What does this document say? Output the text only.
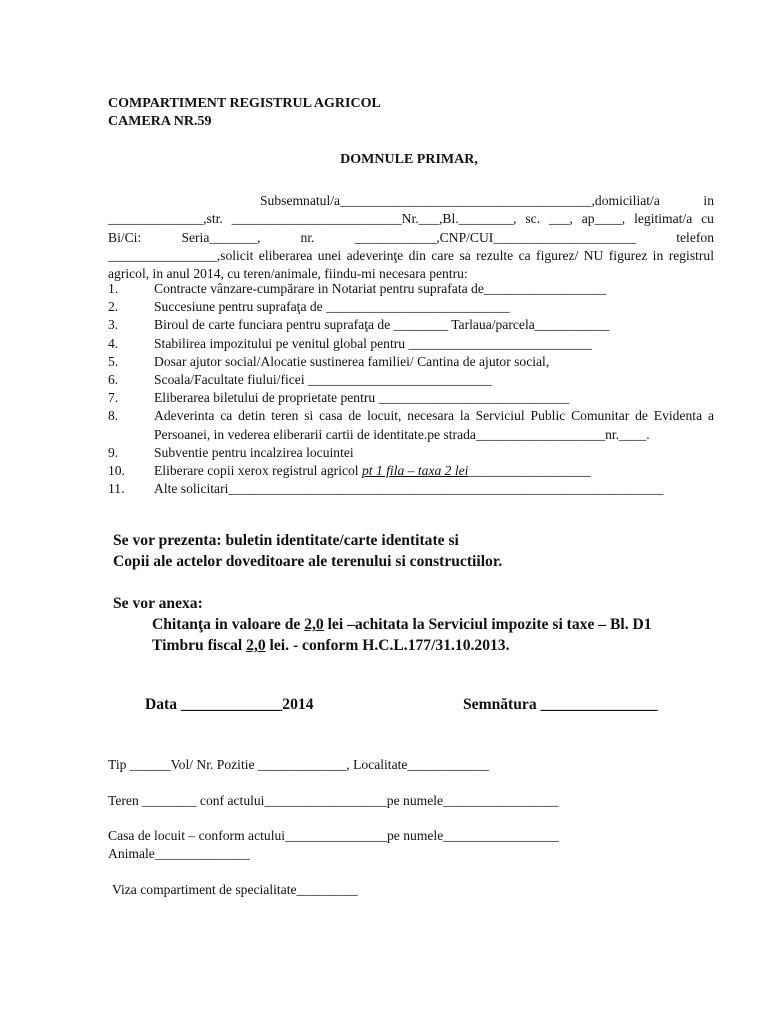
COMPARTIMENT REGISTRUL AGRICOL
CAMERA NR.59
DOMNULE PRIMAR,
Subsemnatul/a_____________________________________,domiciliat/a in ______________,str. _________________________Nr.___,Bl.________, sc. ___, ap____, legitimat/a cu Bi/Ci: Seria_______, nr. ____________,CNP/CUI_____________________ telefon ________________,solicit eliberarea unei adeverinţe din care sa rezulte ca figurez/ NU figurez in registrul agricol, in anul 2014, cu teren/animale, fiindu-mi necesara pentru:
1.	Contracte vânzare-cumpărare in Notariat pentru suprafata de__________________
2.	Succesiune pentru suprafaţa de ___________________________
3.	Biroul de carte funciara pentru suprafaţa de ________ Tarlaua/parcela___________
4.	Stabilirea impozitului pe venitul global pentru ___________________________
5.	Dosar ajutor social/Alocatie sustinerea familiei/ Cantina de ajutor social,
6.	Scoala/Facultate fiului/ficei ___________________________
7.	Eliberarea biletului de proprietate pentru ____________________________
8.	Adeverinta ca detin teren si casa de locuit, necesara la Serviciul Public Comunitar de Evidenta a Persoanei, in vederea eliberarii cartii de identitate.pe strada___________________nr.____.
9.	Subventie pentru incalzirea locuintei
10.	Eliberare copii xerox registrul agricol pt 1 fila – taxa 2 lei__________________
11.	Alte solicitari________________________________________________________________
Se vor prezenta: buletin identitate/carte identitate si
Copii ale actelor doveditoare ale terenului si constructiilor.
Se vor anexa:
Chitanţa in valoare de 2,0 lei –achitata la Serviciul impozite si taxe – Bl. D1
Timbru fiscal 2,0 lei. - conform H.C.L.177/31.10.2013.
Data _____________2014	Semnătura _______________
Tip ______Vol/ Nr. Pozitie _____________, Localitate____________
Teren ________ conf actului__________________pe numele_________________
Casa de locuit – conform actului_______________pe numele_________________
Animale______________
Viza compartiment de specialitate_________
